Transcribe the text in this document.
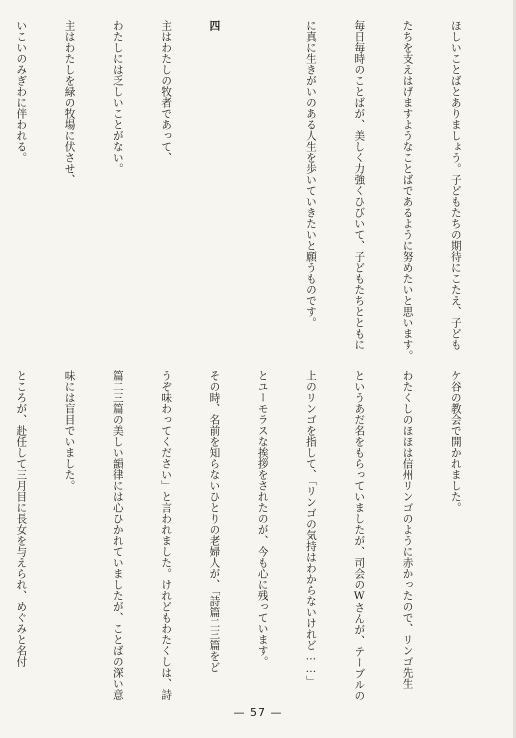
ほしいことばとありましょう。子どもたちの期待にこたえ、子ども

たちを支えはげますようなことばであるように努めたいと思います。

毎日毎時のことばが、美しく力強くひびいて、子どもたちとともに

に真に生きがいのある人生を歩いていきたいと願うものです。

四

主はわたしの牧者であって、

わたしには乏しいことがない。

主はわたしを緑の牧場に伏させ、

いこいのみぎわに伴われる。

ケ谷の教会で開かれました。

わたくしのほほは信州リンゴのように赤かったので、リンゴ先生

というあだ名をもらっていましたが、司会のWさんが、テーブルの

上のリンゴを指して、「リンゴの気持はわからないけれど……」

とユーモラスな挨拶をされたのが、今も心に残っています。

その時、名前を知らないひとりの老婦人が、「詩篇二三篇をど

うぞ味わってください」と言われました。けれどもわたくしは、詩

篇二三篇の美しい韻律には心ひかれていましたが、ことばの深い意

味には盲目でいました。

ところが、赴任して三月目に長女を与えられ、めぐみと名付

— 57 —
